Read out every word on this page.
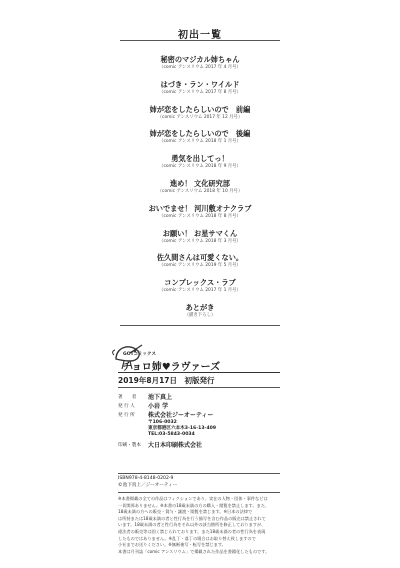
初出一覧
秘密のマジカル姉ちゃん
（comic アンスリウム 2017 年 4 月号）
はづき・ラン・ワイルド
（comic アンスリウム 2017 年 8 月号）
姉が恋をしたらしいので　前編
（comic アンスリウム 2017 年 12 月号）
姉が恋をしたらしいので　後編
（comic アンスリウム 2018 年 1 月号）
勇気を出してっ！
（comic アンスリウム 2018 年 9 月号）
進め！ 文化研究部
（comic アンスリウム 2018 年 10 月号）
おいでませ！ 河川敷オナクラブ
（comic アンスリウム 2018 年 8 月号）
お願い！ お星サマくん
（comic アンスリウム 2018 年 3 月号）
佐久間さんは可愛くない。
（comic アンスリウム 2019 年 5 月号）
コンプレックス・ラブ
（comic アンスリウム 2017 年 1 月号）
あとがき
（描き下ろし）
GOTコミックス
チョロ姉♥ラヴァーズ
2019年8月17日　初版発行
著　　者	池下真上
発 行 人	小岩 学
発 行 所	株式会社ジーオーティー
〒106-0032
東京都港区六本木3-16-13-409
TEL:03-5843-0034
印刷・製本	大日本印刷株式会社
ISBN978-4-8148-0202-9
©池下真上／ジーオーティー

※本書掲載の全ての作品はフィクションであり、実在の人物・団体・事件などは

一切関係ありません。※本書の18歳未満の方の購入・閲覧を禁止します。また、

18歳未満の方への販売・貸与・譲渡・閲覧を禁じます。※日本の法律で

は所持または18歳未満の者と性行為を行う描写を含む作品の販売は禁止されて

います。18歳未満の者と性行為をそれ以外の該当箇所を修正しておりますが、

違法者の販売等は固く禁じられております。また18歳未満の者の性行為を表現

したものではありません。※乱丁・落丁の場合はお取り替え致しますので

小社までお送りください。※無断複写・転写を禁じます。

本書は月刊誌「comic アンスリウム」で掲載された作品を書籍化したものです。
